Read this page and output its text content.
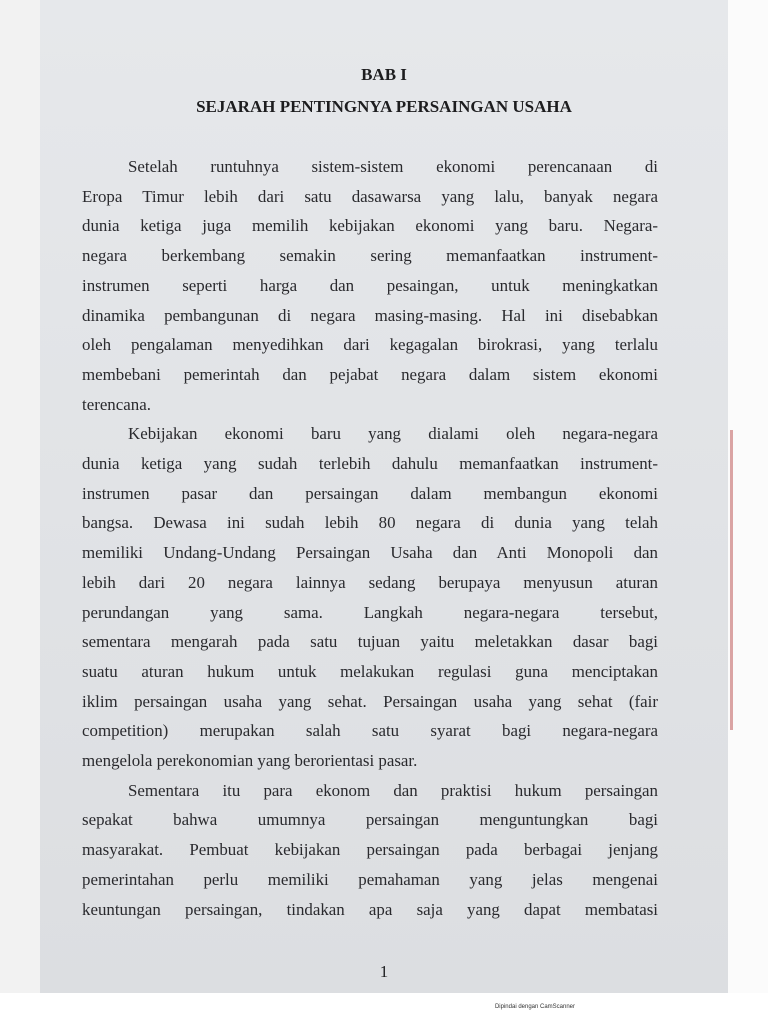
BAB I
SEJARAH PENTINGNYA PERSAINGAN USAHA

Setelah runtuhnya sistem-sistem ekonomi perencanaan di

Eropa Timur lebih dari satu dasawarsa yang lalu, banyak negara

dunia ketiga juga memilih kebijakan ekonomi yang baru. Negara-

negara berkembang semakin sering memanfaatkan instrument-

instrumen seperti harga dan pesaingan, untuk meningkatkan

dinamika pembangunan di negara masing-masing. Hal ini disebabkan

oleh pengalaman menyedihkan dari kegagalan birokrasi, yang terlalu

membebani pemerintah dan pejabat negara dalam sistem ekonomi

terencana.

Kebijakan ekonomi baru yang dialami oleh negara-negara

dunia ketiga yang sudah terlebih dahulu memanfaatkan instrument-

instrumen pasar dan persaingan dalam membangun ekonomi

bangsa. Dewasa ini sudah lebih 80 negara di dunia yang telah

memiliki Undang-Undang Persaingan Usaha dan Anti Monopoli dan

lebih dari 20 negara lainnya sedang berupaya menyusun aturan

perundangan yang sama. Langkah negara-negara tersebut,

sementara mengarah pada satu tujuan yaitu meletakkan dasar bagi

suatu aturan hukum untuk melakukan regulasi guna menciptakan

iklim persaingan usaha yang sehat. Persaingan usaha yang sehat (fair

competition) merupakan salah satu syarat bagi negara-negara

mengelola perekonomian yang berorientasi pasar.

Sementara itu para ekonom dan praktisi hukum persaingan

sepakat bahwa umumnya persaingan menguntungkan bagi

masyarakat. Pembuat kebijakan persaingan pada berbagai jenjang

pemerintahan perlu memiliki pemahaman yang jelas mengenai

keuntungan persaingan, tindakan apa saja yang dapat membatasi

1
Dipindai dengan CamScanner
